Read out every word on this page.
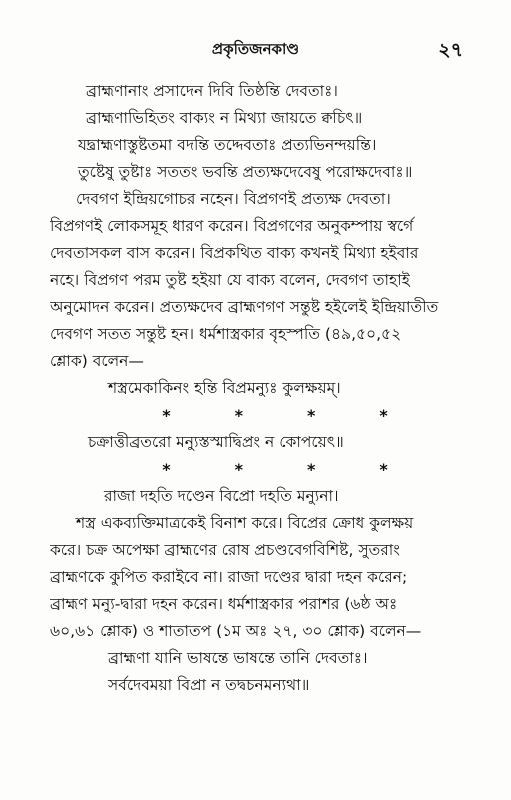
প্রকৃতিজনকাণ্ড	২৭
ব্রাহ্মণানাং প্রসাদেন দিবি তিষ্ঠন্তি দেবতাঃ।
ব্রাহ্মণাভিহিতং বাক্যং ন মিথ্যা জায়তে ক্বচিৎ॥
যদ্ব্রাহ্মণাস্তুষ্টতমা বদন্তি তদ্দেবতাঃ প্রত্যভিনন্দয়ন্তি।
তুষ্টেষু তুষ্টাঃ সততং ভবন্তি প্রত্যক্ষদেবেষু পরোক্ষদেবাঃ॥
দেবগণ ইন্দ্রিয়গোচর নহেন। বিপ্রগণই প্রত্যক্ষ দেবতা।
বিপ্রগণই লোকসমূহ ধারণ করেন। বিপ্রগণের অনুকম্পায় স্বর্গে
দেবতাসকল বাস করেন। বিপ্রকথিত বাক্য কখনই মিথ্যা হইবার
নহে। বিপ্রগণ পরম তুষ্ট হইয়া যে বাক্য বলেন, দেবগণ তাহাই
অনুমোদন করেন। প্রত্যক্ষদেব ব্রাহ্মণগণ সন্তুষ্ট হইলেই ইন্দ্রিয়াতীত
দেবগণ সতত সন্তুষ্ট হন। ধর্মশাস্ত্রকার বৃহস্পতি (৪৯,৫০,৫২
শ্লোক) বলেন—
শস্ত্রমেকাকিনং হন্তি বিপ্রমন্যুঃ কুলক্ষয়ম্।
*	*	*	*
চক্রাত্তীব্রতরো মন্যুস্তস্মাদ্বিপ্রং ন কোপয়েৎ॥
*	*	*	*
রাজা দহতি দণ্ডেন বিপ্রো দহতি মন্যুনা।
শস্ত্র একব্যক্তিমাত্রকেই বিনাশ করে। বিপ্রের ক্রোধ কুলক্ষয়
করে। চক্র অপেক্ষা ব্রাহ্মণের রোষ প্রচণ্ডবেগবিশিষ্ট, সুতরাং
ব্রাহ্মণকে কুপিত করাইবে না। রাজা দণ্ডের দ্বারা দহন করেন;
ব্রাহ্মণ মন্যু-দ্বারা দহন করেন। ধর্মশাস্ত্রকার পরাশর (৬ষ্ঠ অঃ
৬০,৬১ শ্লোক) ও শাতাতপ (১ম অঃ ২৭, ৩০ শ্লোক) বলেন—
ব্রাহ্মণা যানি ভাষন্তে ভাষন্তে তানি দেবতাঃ।
সর্বদেবময়া বিপ্রা ন তদ্বচনমন্যথা॥
